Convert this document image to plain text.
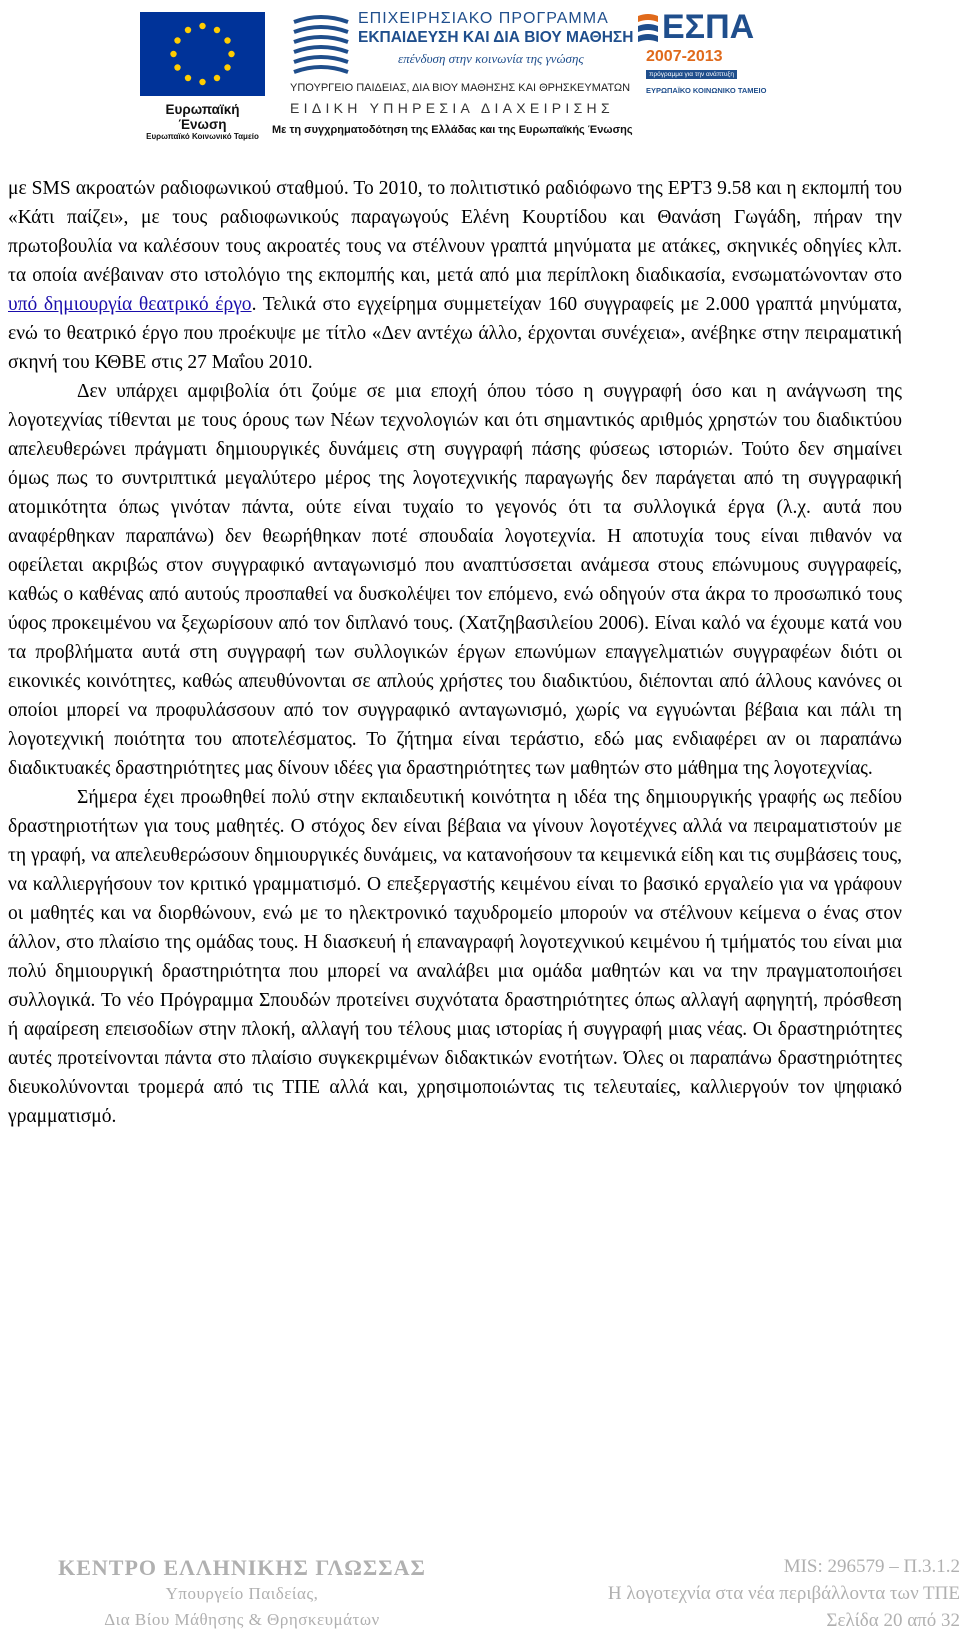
Ευρωπαϊκή Ένωση
Ευρωπαϊκό Κοινωνικό Ταμείο
ΕΠΙΧΕΙΡΗΣΙΑΚΟ ΠΡΟΓΡΑΜΜΑ
ΕΚΠΑΙΔΕΥΣΗ ΚΑΙ ΔΙΑ ΒΙΟΥ ΜΑΘΗΣΗ
επένδυση στην κοινωνία της γνώσης
ΥΠΟΥΡΓΕΙΟ ΠΑΙΔΕΙΑΣ, ΔΙΑ ΒΙΟΥ ΜΑΘΗΣΗΣ ΚΑΙ ΘΡΗΣΚΕΥΜΑΤΩΝ
ΕΙΔΙΚΗ ΥΠΗΡΕΣΙΑ ΔΙΑΧΕΙΡΙΣΗΣ
ΕΣΠΑ
2007-2013
πρόγραμμα για την ανάπτυξη
ΕΥΡΩΠΑΪΚΟ ΚΟΙΝΩΝΙΚΟ ΤΑΜΕΙΟ
Με τη συγχρηματοδότηση της Ελλάδας και της Ευρωπαϊκής Ένωσης

με SMS ακροατών ραδιοφωνικού σταθμού. Το 2010, το πολιτιστικό ραδιόφωνο της ΕΡΤ3 9.58 και η εκπομπή του «Κάτι παίζει», με τους ραδιοφωνικούς παραγωγούς Ελένη Κουρτίδου και Θανάση Γωγάδη, πήραν την πρωτοβουλία να καλέσουν τους ακροατές τους να στέλνουν γραπτά μηνύματα με ατάκες, σκηνικές οδηγίες κλπ. τα οποία ανέβαιναν στο ιστολόγιο της εκπομπής και, μετά από μια περίπλοκη διαδικασία, ενσωματώνονταν στο υπό δημιουργία θεατρικό έργο. Τελικά στο εγχείρημα συμμετείχαν 160 συγγραφείς με 2.000 γραπτά μηνύματα, ενώ το θεατρικό έργο που προέκυψε με τίτλο «Δεν αντέχω άλλο, έρχονται συνέχεια», ανέβηκε στην πειραματική σκηνή του ΚΘΒΕ στις 27 Μαΐου 2010.

Δεν υπάρχει αμφιβολία ότι ζούμε σε μια εποχή όπου τόσο η συγγραφή όσο και η ανάγνωση της λογοτεχνίας τίθενται με τους όρους των Νέων τεχνολογιών και ότι σημαντικός αριθμός χρηστών του διαδικτύου απελευθερώνει πράγματι δημιουργικές δυνάμεις στη συγγραφή πάσης φύσεως ιστοριών. Τούτο δεν σημαίνει όμως πως το συντριπτικά μεγαλύτερο μέρος της λογοτεχνικής παραγωγής δεν παράγεται από τη συγγραφική ατομικότητα όπως γινόταν πάντα, ούτε είναι τυχαίο το γεγονός ότι τα συλλογικά έργα (λ.χ. αυτά που αναφέρθηκαν παραπάνω) δεν θεωρήθηκαν ποτέ σπουδαία λογοτεχνία. Η αποτυχία τους είναι πιθανόν να οφείλεται ακριβώς στον συγγραφικό ανταγωνισμό που αναπτύσσεται ανάμεσα στους επώνυμους συγγραφείς, καθώς ο καθένας από αυτούς προσπαθεί να δυσκολέψει τον επόμενο, ενώ οδηγούν στα άκρα το προσωπικό τους ύφος προκειμένου να ξεχωρίσουν από τον διπλανό τους. (Χατζηβασιλείου 2006). Είναι καλό να έχουμε κατά νου τα προβλήματα αυτά στη συγγραφή των συλλογικών έργων επωνύμων επαγγελματιών συγγραφέων διότι οι εικονικές κοινότητες, καθώς απευθύνονται σε απλούς χρήστες του διαδικτύου, διέπονται από άλλους κανόνες οι οποίοι μπορεί να προφυλάσσουν από τον συγγραφικό ανταγωνισμό, χωρίς να εγγυώνται βέβαια και πάλι τη λογοτεχνική ποιότητα του αποτελέσματος. Το ζήτημα είναι τεράστιο, εδώ μας ενδιαφέρει αν οι παραπάνω διαδικτυακές δραστηριότητες μας δίνουν ιδέες για δραστηριότητες των μαθητών στο μάθημα της λογοτεχνίας.

Σήμερα έχει προωθηθεί πολύ στην εκπαιδευτική κοινότητα η ιδέα της δημιουργικής γραφής ως πεδίου δραστηριοτήτων για τους μαθητές. Ο στόχος δεν είναι βέβαια να γίνουν λογοτέχνες αλλά να πειραματιστούν με τη γραφή, να απελευθερώσουν δημιουργικές δυνάμεις, να κατανοήσουν τα κειμενικά είδη και τις συμβάσεις τους, να καλλιεργήσουν τον κριτικό γραμματισμό. Ο επεξεργαστής κειμένου είναι το βασικό εργαλείο για να γράφουν οι μαθητές και να διορθώνουν, ενώ με το ηλεκτρονικό ταχυδρομείο μπορούν να στέλνουν κείμενα ο ένας στον άλλον, στο πλαίσιο της ομάδας τους. Η διασκευή ή επαναγραφή λογοτεχνικού κειμένου ή τμήματός του είναι μια πολύ δημιουργική δραστηριότητα που μπορεί να αναλάβει μια ομάδα μαθητών και να την πραγματοποιήσει συλλογικά. Το νέο Πρόγραμμα Σπουδών προτείνει συχνότατα δραστηριότητες όπως αλλαγή αφηγητή, πρόσθεση ή αφαίρεση επεισοδίων στην πλοκή, αλλαγή του τέλους μιας ιστορίας ή συγγραφή μιας νέας. Οι δραστηριότητες αυτές προτείνονται πάντα στο πλαίσιο συγκεκριμένων διδακτικών ενοτήτων. Όλες οι παραπάνω δραστηριότητες διευκολύνονται τρομερά από τις ΤΠΕ αλλά και, χρησιμοποιώντας τις τελευταίες, καλλιεργούν τον ψηφιακό γραμματισμό.

ΚΕΝΤΡΟ ΕΛΛΗΝΙΚΗΣ ΓΛΩΣΣΑΣ
Υπουργείο Παιδείας,
Δια Βίου Μάθησης & Θρησκευμάτων
MIS: 296579 – Π.3.1.2
Η λογοτεχνία στα νέα περιβάλλοντα των ΤΠΕ
Σελίδα 20 από 32
